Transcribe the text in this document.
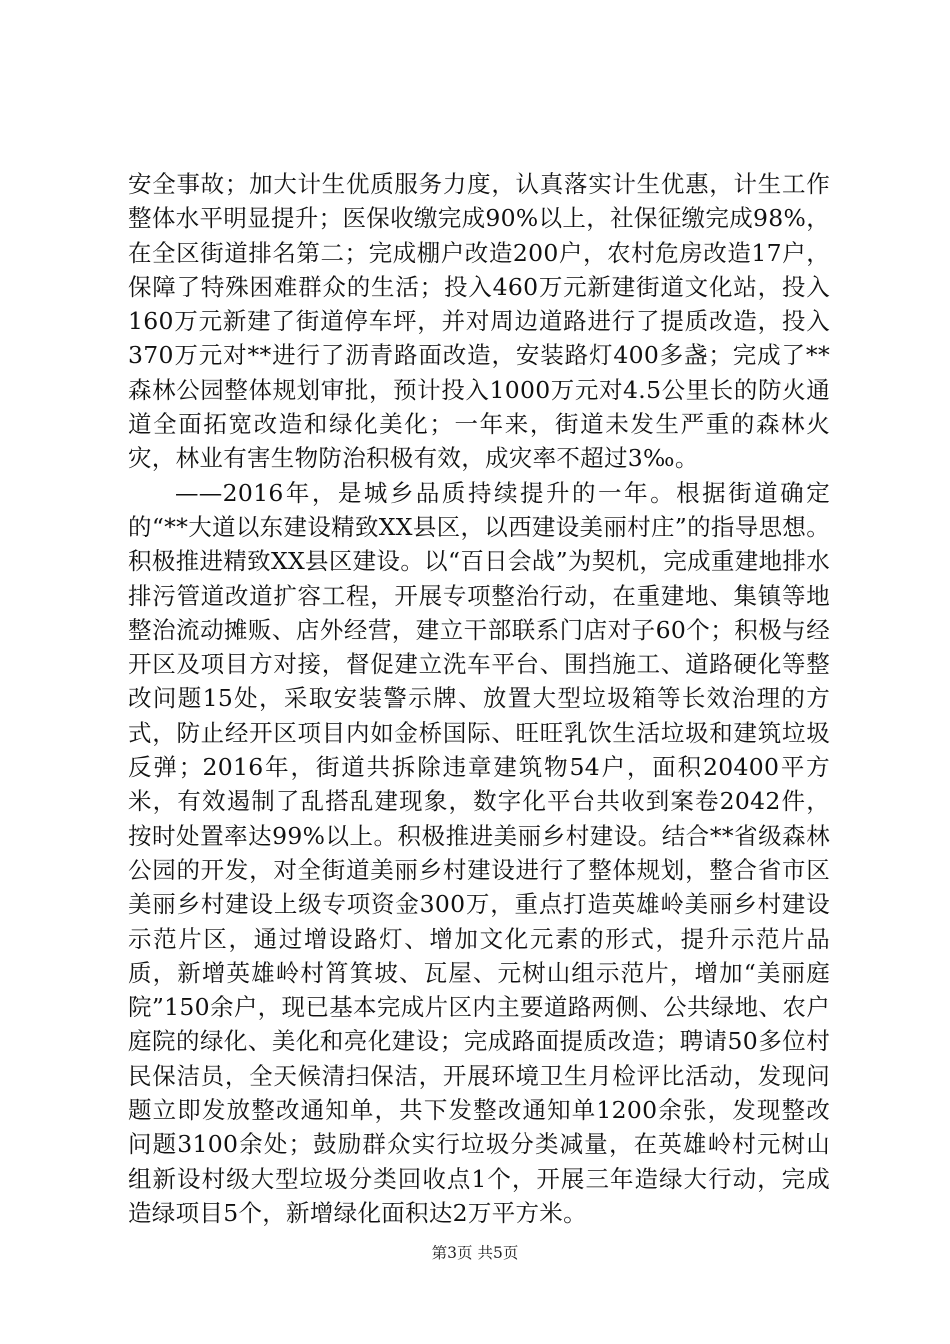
安全事故；加大计生优质服务力度，认真落实计生优惠，计生工作整体水平明显提升；医保收缴完成90%以上，社保征缴完成98%，在全区街道排名第二；完成棚户改造200户，农村危房改造17户，保障了特殊困难群众的生活；投入460万元新建街道文化站，投入160万元新建了街道停车坪，并对周边道路进行了提质改造，投入370万元对**进行了沥青路面改造，安装路灯400多盏；完成了**森林公园整体规划审批，预计投入1000万元对4.5公里长的防火通道全面拓宽改造和绿化美化；一年来，街道未发生严重的森林火灾，林业有害生物防治积极有效，成灾率不超过3‰。

——2016年，是城乡品质持续提升的一年。根据街道确定的“**大道以东建设精致XX县区，以西建设美丽村庄”的指导思想。积极推进精致XX县区建设。以“百日会战”为契机，完成重建地排水排污管道改道扩容工程，开展专项整治行动，在重建地、集镇等地整治流动摊贩、店外经营，建立干部联系门店对子60个；积极与经开区及项目方对接，督促建立洗车平台、围挡施工、道路硬化等整改问题15处，采取安装警示牌、放置大型垃圾箱等长效治理的方式，防止经开区项目内如金桥国际、旺旺乳饮生活垃圾和建筑垃圾反弹；2016年，街道共拆除违章建筑物54户，面积20400平方米，有效遏制了乱搭乱建现象，数字化平台共收到案卷2042件，按时处置率达99%以上。积极推进美丽乡村建设。结合**省级森林公园的开发，对全街道美丽乡村建设进行了整体规划，整合省市区美丽乡村建设上级专项资金300万，重点打造英雄岭美丽乡村建设示范片区，通过增设路灯、增加文化元素的形式，提升示范片品质，新增英雄岭村筲箕坡、瓦屋、元树山组示范片，增加“美丽庭院”150余户，现已基本完成片区内主要道路两侧、公共绿地、农户庭院的绿化、美化和亮化建设；完成路面提质改造；聘请50多位村民保洁员，全天候清扫保洁，开展环境卫生月检评比活动，发现问题立即发放整改通知单，共下发整改通知单1200余张，发现整改问题3100余处；鼓励群众实行垃圾分类减量，在英雄岭村元树山组新设村级大型垃圾分类回收点1个，开展三年造绿大行动，完成造绿项目5个，新增绿化面积达2万平方米。

第3页 共5页
